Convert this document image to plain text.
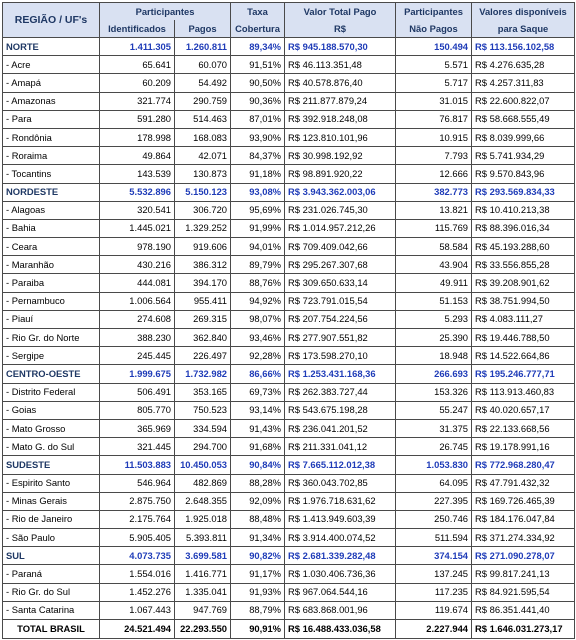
REGIÃO / UF's	Participantes		Taxa	Valor Total Pago	Participantes	Valores disponíveis
	Identificados	Pagos	Cobertura	R$	Não Pagos	para Saque
NORTE	1.411.305	1.260.811	89,34%	R$ 945.188.570,30	150.494	R$ 113.156.102,58
- Acre	65.641	60.070	91,51%	R$ 46.113.351,48	5.571	R$ 4.276.635,28
- Amapá	60.209	54.492	90,50%	R$ 40.578.876,40	5.717	R$ 4.257.311,83
- Amazonas	321.774	290.759	90,36%	R$ 211.877.879,24	31.015	R$ 22.600.822,07
- Para	591.280	514.463	87,01%	R$ 392.918.248,08	76.817	R$ 58.668.555,49
- Rondônia	178.998	168.083	93,90%	R$ 123.810.101,96	10.915	R$ 8.039.999,66
- Roraima	49.864	42.071	84,37%	R$ 30.998.192,92	7.793	R$ 5.741.934,29
- Tocantins	143.539	130.873	91,18%	R$ 98.891.920,22	12.666	R$ 9.570.843,96
NORDESTE	5.532.896	5.150.123	93,08%	R$ 3.943.362.003,06	382.773	R$ 293.569.834,33
- Alagoas	320.541	306.720	95,69%	R$ 231.026.745,30	13.821	R$ 10.410.213,38
- Bahia	1.445.021	1.329.252	91,99%	R$ 1.014.957.212,26	115.769	R$ 88.396.016,34
- Ceara	978.190	919.606	94,01%	R$ 709.409.042,66	58.584	R$ 45.193.288,60
- Maranhão	430.216	386.312	89,79%	R$ 295.267.307,68	43.904	R$ 33.556.855,28
- Paraiba	444.081	394.170	88,76%	R$ 309.650.633,14	49.911	R$ 39.208.901,62
- Pernambuco	1.006.564	955.411	94,92%	R$ 723.791.015,54	51.153	R$ 38.751.994,50
- Piauí	274.608	269.315	98,07%	R$ 207.754.224,56	5.293	R$ 4.083.111,27
- Rio Gr. do Norte	388.230	362.840	93,46%	R$ 277.907.551,82	25.390	R$ 19.446.788,50
- Sergipe	245.445	226.497	92,28%	R$ 173.598.270,10	18.948	R$ 14.522.664,86
CENTRO-OESTE	1.999.675	1.732.982	86,66%	R$ 1.253.431.168,36	266.693	R$ 195.246.777,71
- Distrito Federal	506.491	353.165	69,73%	R$ 262.383.727,44	153.326	R$ 113.913.460,83
- Goias	805.770	750.523	93,14%	R$ 543.675.198,28	55.247	R$ 40.020.657,17
- Mato Grosso	365.969	334.594	91,43%	R$ 236.041.201,52	31.375	R$ 22.133.668,56
- Mato G. do Sul	321.445	294.700	91,68%	R$ 211.331.041,12	26.745	R$ 19.178.991,16
SUDESTE	11.503.883	10.450.053	90,84%	R$ 7.665.112.012,38	1.053.830	R$ 772.968.280,47
- Espirito Santo	546.964	482.869	88,28%	R$ 360.043.702,85	64.095	R$ 47.791.432,32
- Minas Gerais	2.875.750	2.648.355	92,09%	R$ 1.976.718.631,62	227.395	R$ 169.726.465,39
- Rio de Janeiro	2.175.764	1.925.018	88,48%	R$ 1.413.949.603,39	250.746	R$ 184.176.047,84
- São Paulo	5.905.405	5.393.811	91,34%	R$ 3.914.400.074,52	511.594	R$ 371.274.334,92
SUL	4.073.735	3.699.581	90,82%	R$ 2.681.339.282,48	374.154	R$ 271.090.278,07
- Paraná	1.554.016	1.416.771	91,17%	R$ 1.030.406.736,36	137.245	R$ 99.817.241,13
- Rio Gr. do Sul	1.452.276	1.335.041	91,93%	R$ 967.064.544,16	117.235	R$ 84.921.595,54
- Santa Catarina	1.067.443	947.769	88,79%	R$ 683.868.001,96	119.674	R$ 86.351.441,40
TOTAL BRASIL	24.521.494	22.293.550	90,91%	R$ 16.488.433.036,58	2.227.944	R$ 1.646.031.273,17
